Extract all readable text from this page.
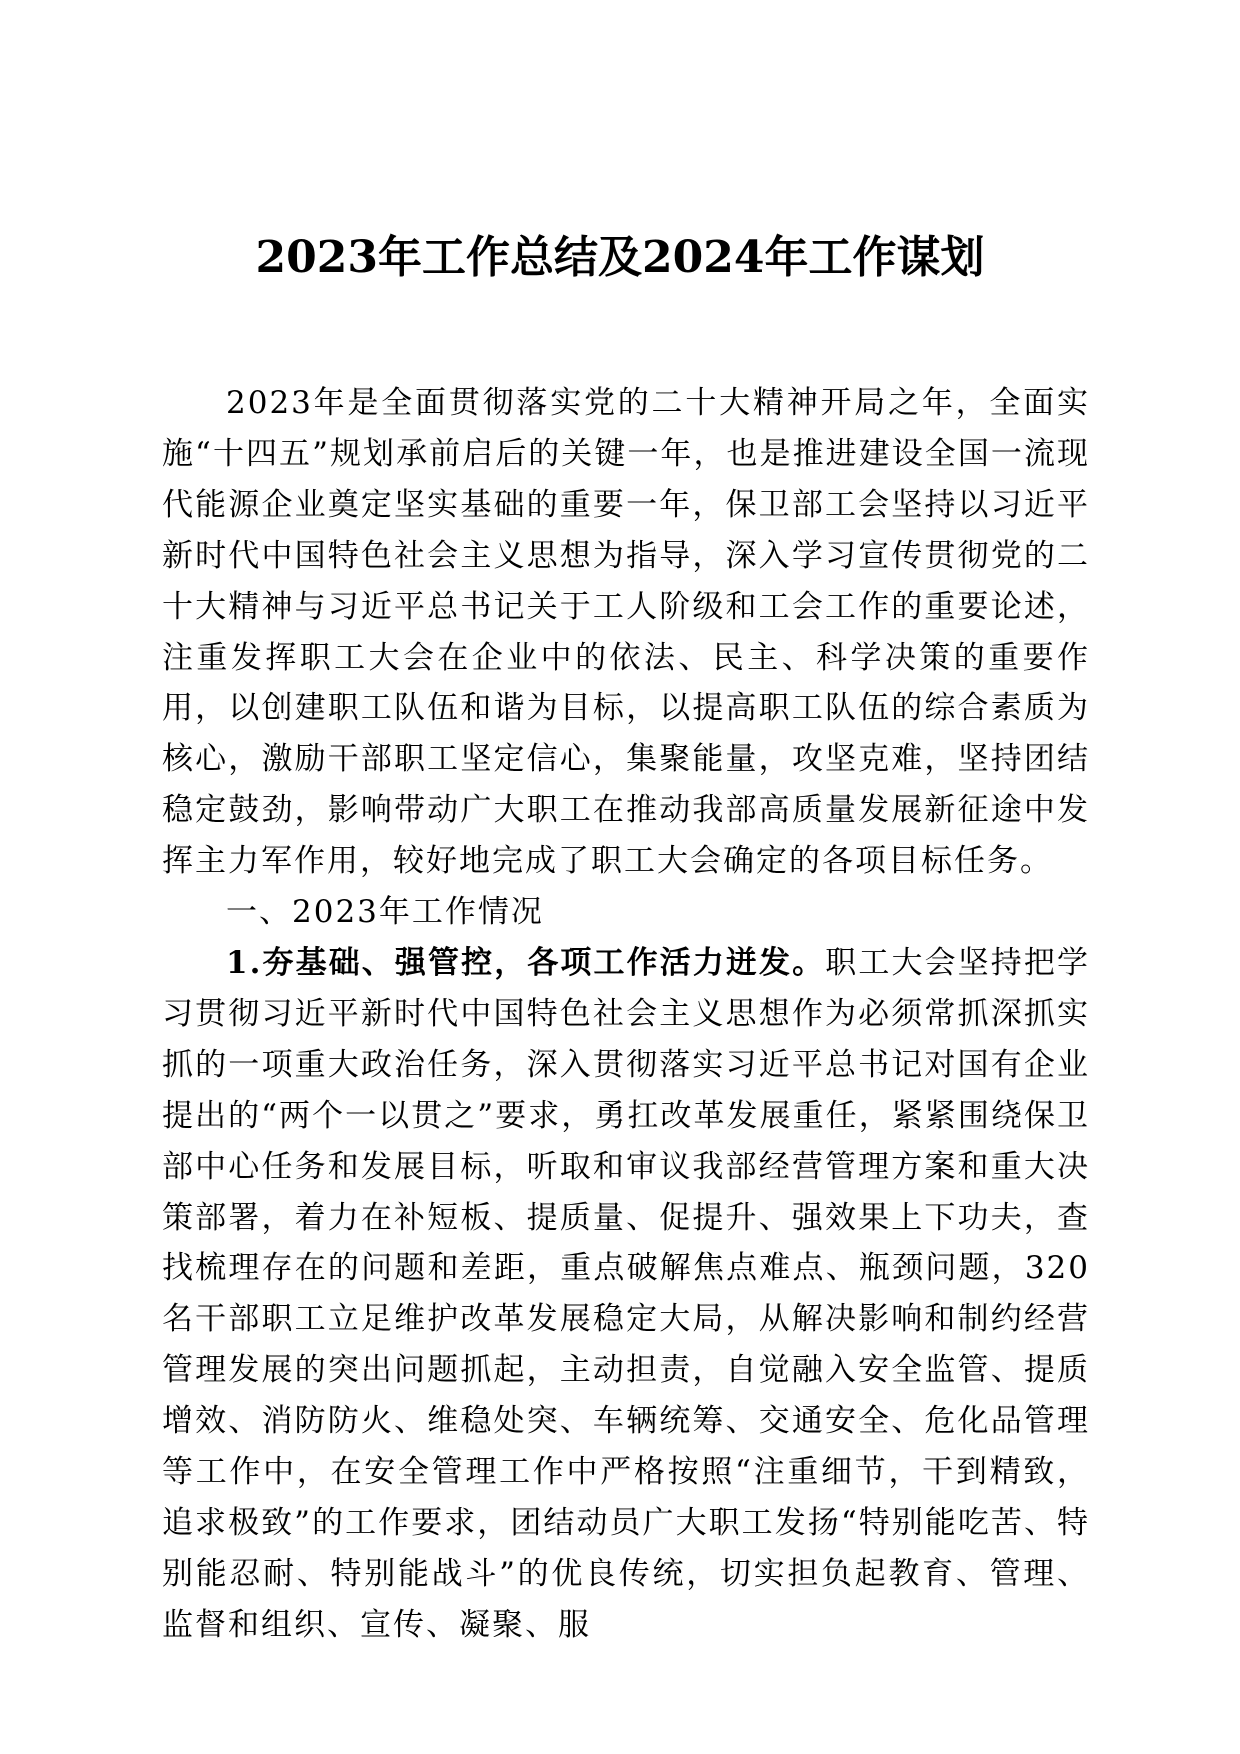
2023年工作总结及2024年工作谋划

2023年是全面贯彻落实党的二十大精神开局之年，全面实施“十四五”规划承前启后的关键一年，也是推进建设全国一流现代能源企业奠定坚实基础的重要一年，保卫部工会坚持以习近平新时代中国特色社会主义思想为指导，深入学习宣传贯彻党的二十大精神与习近平总书记关于工人阶级和工会工作的重要论述，注重发挥职工大会在企业中的依法、民主、科学决策的重要作用，以创建职工队伍和谐为目标，以提高职工队伍的综合素质为核心，激励干部职工坚定信心，集聚能量，攻坚克难，坚持团结稳定鼓劲，影响带动广大职工在推动我部高质量发展新征途中发挥主力军作用，较好地完成了职工大会确定的各项目标任务。

一、2023年工作情况

1.夯基础、强管控，各项工作活力迸发。职工大会坚持把学习贯彻习近平新时代中国特色社会主义思想作为必须常抓深抓实抓的一项重大政治任务，深入贯彻落实习近平总书记对国有企业提出的“两个一以贯之”要求，勇扛改革发展重任，紧紧围绕保卫部中心任务和发展目标，听取和审议我部经营管理方案和重大决策部署，着力在补短板、提质量、促提升、强效果上下功夫，查找梳理存在的问题和差距，重点破解焦点难点、瓶颈问题，320名干部职工立足维护改革发展稳定大局，从解决影响和制约经营管理发展的突出问题抓起，主动担责，自觉融入安全监管、提质增效、消防防火、维稳处突、车辆统筹、交通安全、危化品管理等工作中，在安全管理工作中严格按照“注重细节，干到精致，追求极致”的工作要求，团结动员广大职工发扬“特别能吃苦、特别能忍耐、特别能战斗”的优良传统，切实担负起教育、管理、监督和组织、宣传、凝聚、服
